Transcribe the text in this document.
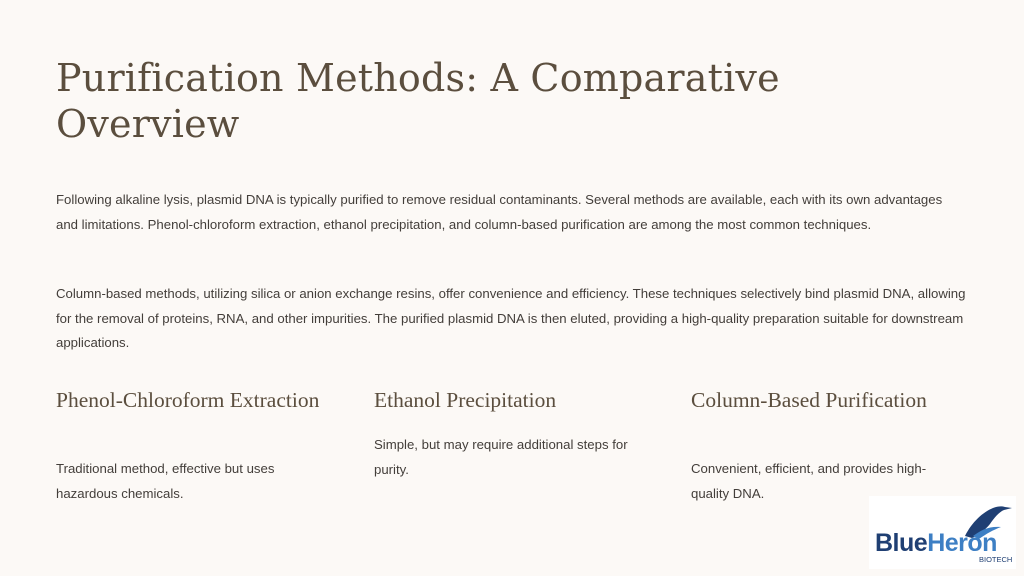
Purification Methods: A Comparative Overview

Following alkaline lysis, plasmid DNA is typically purified to remove residual contaminants. Several methods are available, each with its own advantages and limitations. Phenol-chloroform extraction, ethanol precipitation, and column-based purification are among the most common techniques.

Column-based methods, utilizing silica or anion exchange resins, offer convenience and efficiency. These techniques selectively bind plasmid DNA, allowing for the removal of proteins, RNA, and other impurities. The purified plasmid DNA is then eluted, providing a high-quality preparation suitable for downstream applications.

Phenol-Chloroform Extraction

Traditional method, effective but uses hazardous chemicals.

Ethanol Precipitation

Simple, but may require additional steps for purity.

Column-Based Purification

Convenient, efficient, and provides high-quality DNA.

BlueHeron
BIOTECH
